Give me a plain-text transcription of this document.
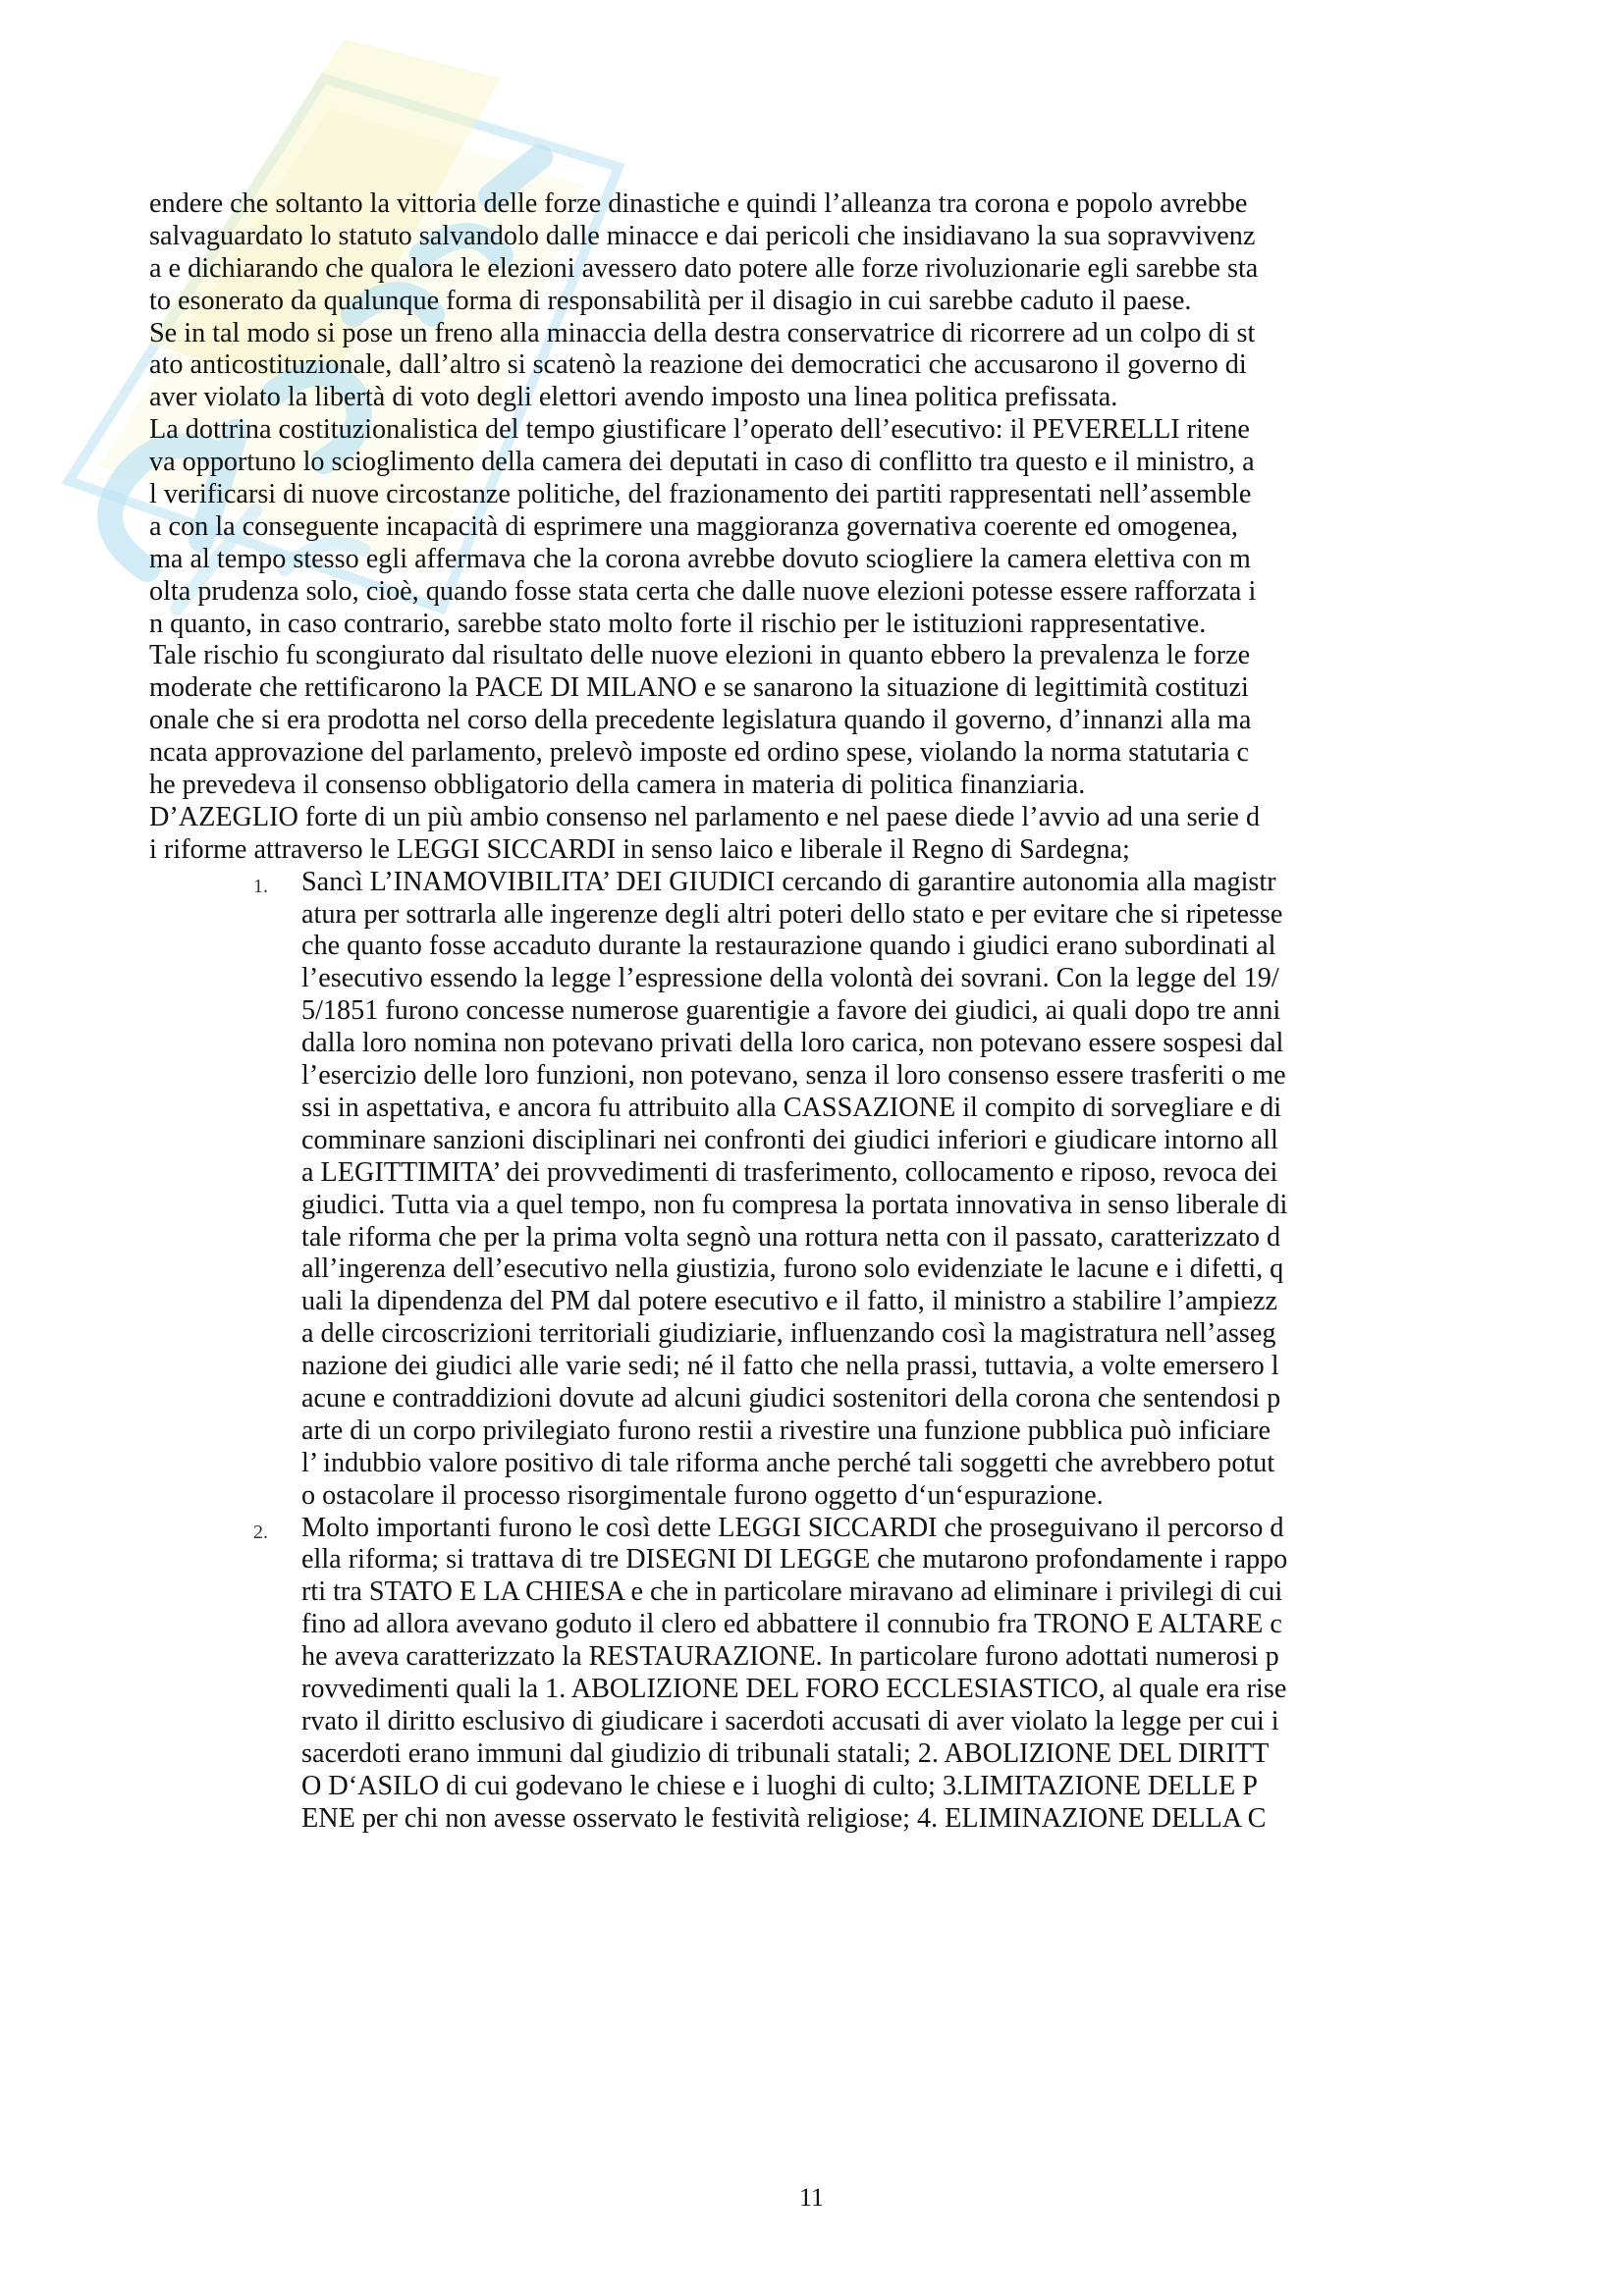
endere che soltanto la vittoria delle forze dinastiche e quindi l’alleanza tra corona e popolo avrebbe
salvaguardato lo statuto salvandolo dalle minacce e dai pericoli che insidiavano la sua sopravvivenz
a e dichiarando che qualora le elezioni avessero dato potere alle forze rivoluzionarie egli sarebbe sta
to esonerato da qualunque forma di responsabilità per il disagio in cui sarebbe caduto il paese.
Se in tal modo si pose un freno alla minaccia della destra conservatrice di ricorrere ad un colpo di st
ato anticostituzionale, dall’altro si scatenò la reazione dei democratici che accusarono il governo di
aver violato la libertà di voto degli elettori avendo imposto una linea politica prefissata.
La dottrina costituzionalistica del tempo giustificare l’operato dell’esecutivo: il PEVERELLI ritene
va opportuno lo scioglimento della camera dei deputati in caso di conflitto tra questo e il ministro, a
l verificarsi di nuove circostanze politiche, del frazionamento dei partiti rappresentati nell’assemble
a con la conseguente incapacità di esprimere una maggioranza governativa coerente ed omogenea,
ma al tempo stesso egli affermava che la corona avrebbe dovuto sciogliere la camera elettiva con m
olta prudenza solo, cioè, quando fosse stata certa che dalle nuove elezioni potesse essere rafforzata i
n quanto, in caso contrario, sarebbe stato molto forte il rischio per le istituzioni rappresentative.
Tale rischio fu scongiurato dal risultato delle nuove elezioni in quanto ebbero la prevalenza le forze
moderate che rettificarono la PACE DI MILANO e se sanarono la situazione di legittimità costituzi
onale che si era prodotta nel corso della precedente legislatura quando il governo, d’innanzi alla ma
ncata approvazione del parlamento, prelevò imposte ed ordino spese, violando la norma statutaria c
he prevedeva il consenso obbligatorio della camera in materia di politica finanziaria.
D’AZEGLIO forte di un più ambio consenso nel parlamento e nel paese diede l’avvio ad una serie d
i riforme attraverso le LEGGI SICCARDI in senso laico e liberale il Regno di Sardegna;
1. Sancì L’INAMOVIBILITA’ DEI GIUDICI cercando di garantire autonomia alla magistr
atura per sottrarla alle ingerenze degli altri poteri dello stato e per evitare che si ripetesse
che quanto fosse accaduto durante la restaurazione quando i giudici erano subordinati al
l’esecutivo essendo la legge l’espressione della volontà dei sovrani. Con la legge del 19/
5/1851 furono concesse numerose guarentigie a favore dei giudici, ai quali dopo tre anni
dalla loro nomina non potevano privati della loro carica, non potevano essere sospesi dal
l’esercizio delle loro funzioni, non potevano, senza il loro consenso essere trasferiti o me
ssi in aspettativa, e ancora fu attribuito alla CASSAZIONE il compito di sorvegliare e di
comminare sanzioni disciplinari nei confronti dei giudici inferiori e giudicare intorno all
a LEGITTIMITA’ dei provvedimenti di trasferimento, collocamento e riposo, revoca dei
giudici. Tutta via a quel tempo, non fu compresa la portata innovativa in senso liberale di
tale riforma che per la prima volta segnò una rottura netta con il passato, caratterizzato d
all’ingerenza dell’esecutivo nella giustizia, furono solo evidenziate le lacune e i difetti, q
uali la dipendenza del PM dal potere esecutivo e il fatto, il ministro a stabilire l’ampiezz
a delle circoscrizioni territoriali giudiziarie, influenzando così la magistratura nell’asseg
nazione dei giudici alle varie sedi; né il fatto che nella prassi, tuttavia, a volte emersero l
acune e contraddizioni dovute ad alcuni giudici sostenitori della corona che sentendosi p
arte di un corpo privilegiato furono restii a rivestire una funzione pubblica può inficiare
l’ indubbio valore positivo di tale riforma anche perché tali soggetti che avrebbero potut
o ostacolare il processo risorgimentale furono oggetto d‘un‘espurazione.
2. Molto importanti furono le così dette LEGGI SICCARDI che proseguivano il percorso d
ella riforma; si trattava di tre DISEGNI DI LEGGE che mutarono profondamente i rappo
rti tra STATO E LA CHIESA e che in particolare miravano ad eliminare i privilegi di cui
fino ad allora avevano goduto il clero ed abbattere il connubio fra TRONO E ALTARE c
he aveva caratterizzato la RESTAURAZIONE. In particolare furono adottati numerosi p
rovvedimenti quali la 1. ABOLIZIONE DEL FORO ECCLESIASTICO, al quale era rise
rvato il diritto esclusivo di giudicare i sacerdoti accusati di aver violato la legge per cui i
sacerdoti erano immuni dal giudizio di tribunali statali; 2. ABOLIZIONE DEL DIRITT
O D‘ASILO di cui godevano le chiese e i luoghi di culto; 3.LIMITAZIONE DELLE P
ENE per chi non avesse osservato le festività religiose; 4. ELIMINAZIONE DELLA C
11
